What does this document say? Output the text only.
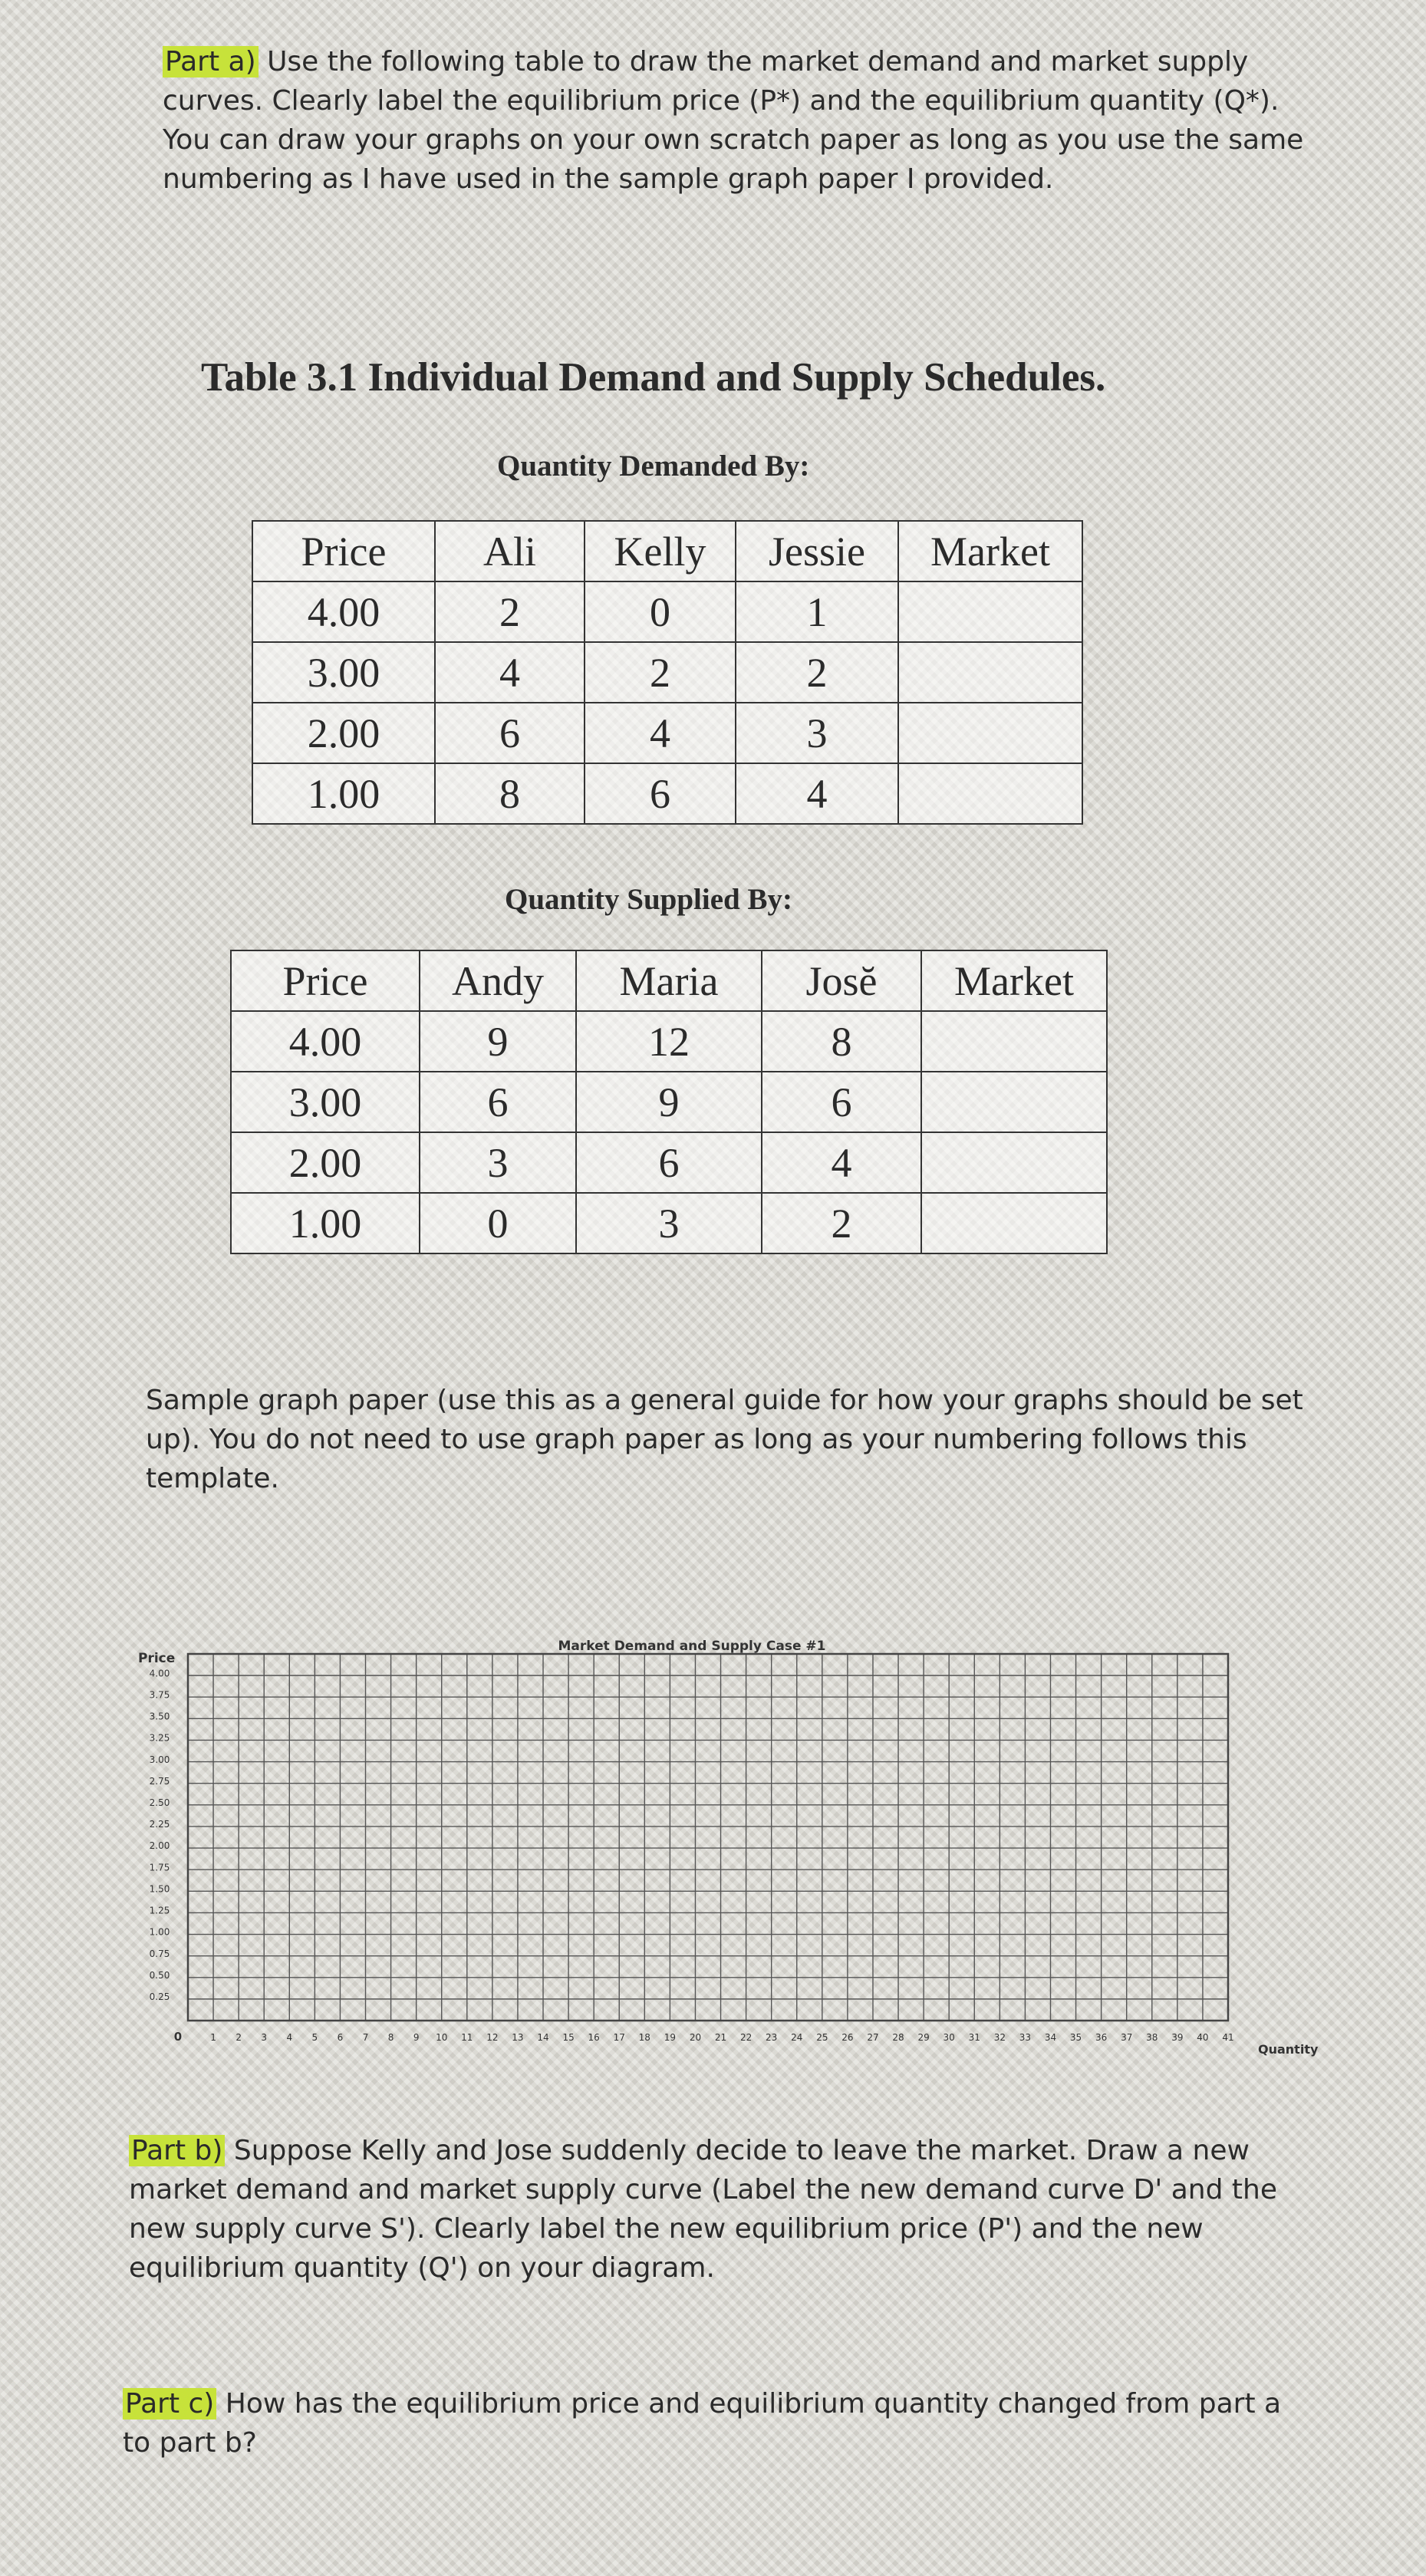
Part a) Use the following table to draw the market demand and market supply
curves. Clearly label the equilibrium price (P*) and the equilibrium quantity (Q*).
You can draw your graphs on your own scratch paper as long as you use the same
numbering as I have used in the sample graph paper I provided.
Table 3.1 Individual Demand and Supply Schedules.
Quantity Demanded By:
Price	Ali	Kelly	Jessie	Market
4.00	2	0	1	
3.00	4	2	2	
2.00	6	4	3	
1.00	8	6	4	
Quantity Supplied By:
Price	Andy	Maria	Josĕ	Market
4.00	9	12	8	
3.00	6	9	6	
2.00	3	6	4	
1.00	0	3	2	
Sample graph paper (use this as a general guide for how your graphs should be set
up). You do not need to use graph paper as long as your numbering follows this
template.
Market Demand and Supply Case #1
Price
Quantity
0
4.00
3.75
3.50
3.25
3.00
2.75
2.50
2.25
2.00
1.75
1.50
1.25
1.00
0.75
0.50
0.25
1 2 3 4 5 6 7 8 9 10 11 12 13 14 15 16 17 18 19 20 21 22 23 24 25 26 27 28 29 30 31 32 33 34 35 36 37 38 39 40 41
Part b) Suppose Kelly and Jose suddenly decide to leave the market. Draw a new
market demand and market supply curve (Label the new demand curve D' and the
new supply curve S'). Clearly label the new equilibrium price (P') and the new
equilibrium quantity (Q') on your diagram.
Part c) How has the equilibrium price and equilibrium quantity changed from part a
to part b?
